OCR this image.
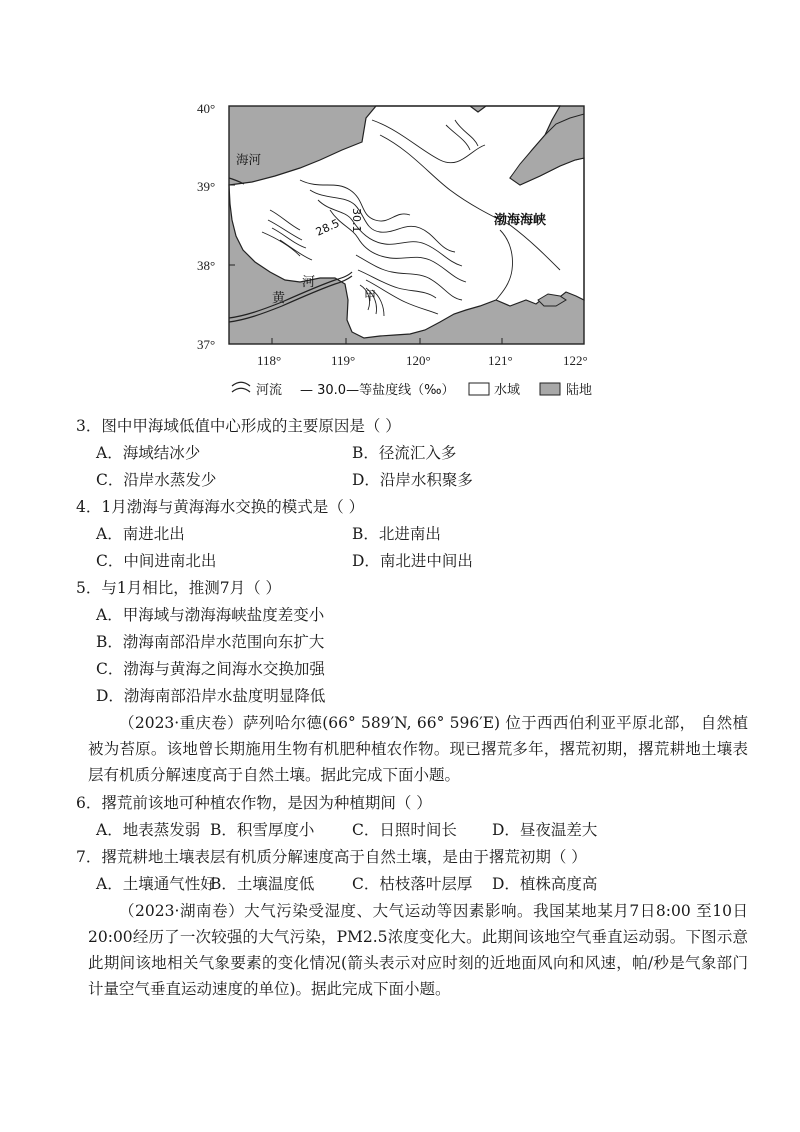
40°
39°
38°
37°
118°	119°	120°	121°	122°
海河
渤海海峡
30.1
28.5
河
黄	甲
河流 — 30.0—等盐度线（‰）	水域	陆地
3．图中甲海域低值中心形成的主要原因是（ ）
A．海域结冰少	B．径流汇入多
C．沿岸水蒸发少	D．沿岸水积聚多
4．1月渤海与黄海海水交换的模式是（ ）
A．南进北出	B．北进南出
C．中间进南北出	D．南北进中间出
5．与1月相比，推测7月（ ）
A．甲海域与渤海海峡盐度差变小
B．渤海南部沿岸水范围向东扩大
C．渤海与黄海之间海水交换加强
D．渤海南部沿岸水盐度明显降低
（2023·重庆卷）萨列哈尔德(66° 589′N, 66° 596′E) 位于西西伯利亚平原北部， 自然植被为苔原。该地曾长期施用生物有机肥种植农作物。现已撂荒多年，撂荒初期，撂荒耕地土壤表层有机质分解速度高于自然土壤。据此完成下面小题。
6．撂荒前该地可种植农作物，是因为种植期间（ ）
A．地表蒸发弱 B．积雪厚度小 C．日照时间长 D．昼夜温差大
7．撂荒耕地土壤表层有机质分解速度高于自然土壤，是由于撂荒初期（ ）
A．土壤通气性好
B．土壤温度低 C．枯枝落叶层厚 D．植株高度高
（2023·湖南卷）大气污染受湿度、大气运动等因素影响。我国某地某月7日8:00 至10日20:00经历了一次较强的大气污染，PM2.5浓度变化大。此期间该地空气垂直运动弱。下图示意此期间该地相关气象要素的变化情况(箭头表示对应时刻的近地面风向和风速，帕/秒是气象部门计量空气垂直运动速度的单位)。据此完成下面小题。
